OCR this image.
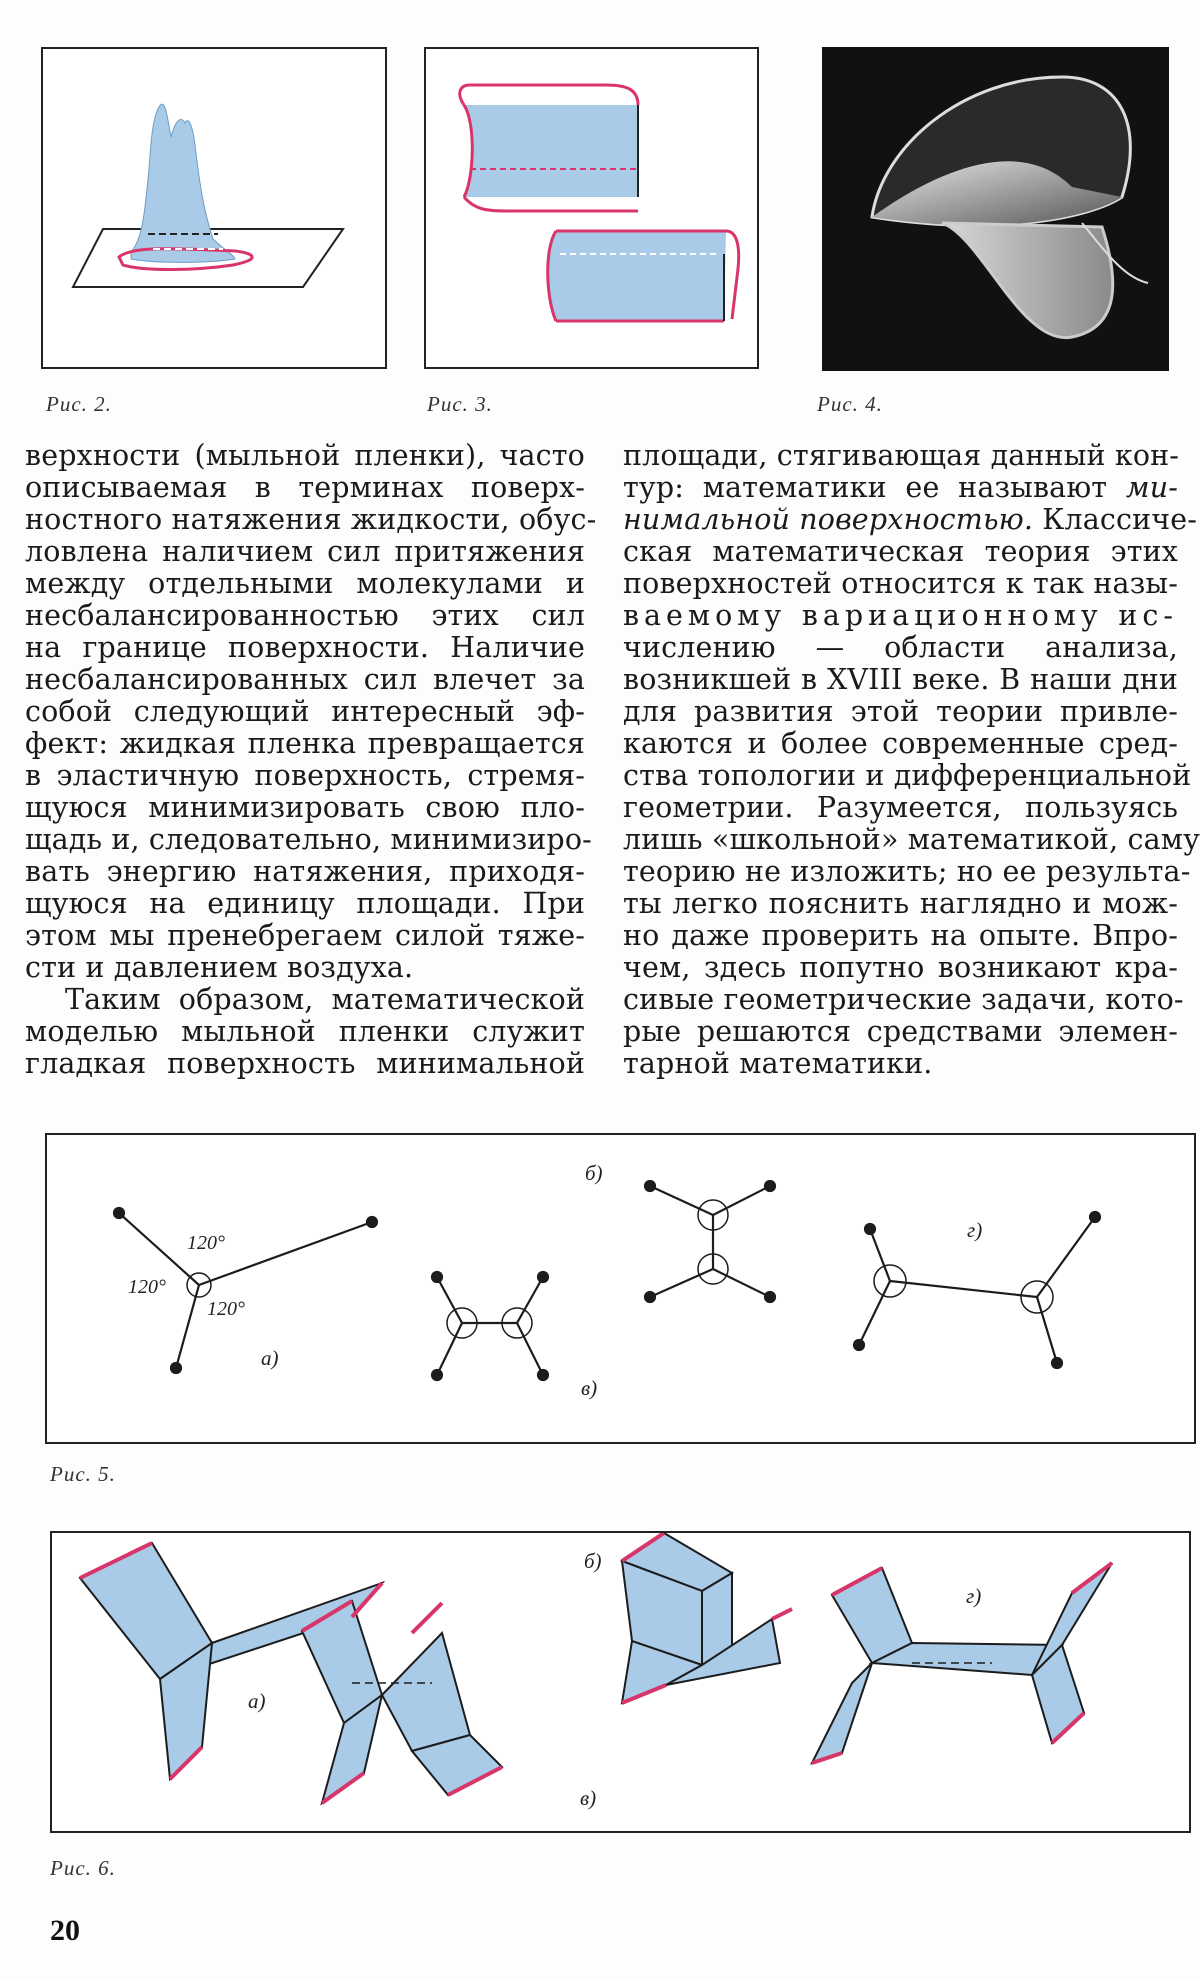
Рис. 2.	Рис. 3.	Рис. 4.
верхности (мыльной пленки), часто
описываемая в терминах поверх-
ностного натяжения жидкости, обус-
ловлена наличием сил притяжения
между отдельными молекулами и
несбалансированностью этих сил
на границе поверхности. Наличие
несбалансированных сил влечет за
собой следующий интересный эф-
фект: жидкая пленка превращается
в эластичную поверхность, стремя-
щуюся минимизировать свою пло-
щадь и, следовательно, минимизиро-
вать энергию натяжения, приходя-
щуюся на единицу площади. При
этом мы пренебрегаем силой тяже-
сти и давлением воздуха.
Таким образом, математической
моделью мыльной пленки служит
гладкая поверхность минимальной
площади, стягивающая данный кон-
тур: математики ее называют ми-
нимальной поверхностью. Классиче-
ская математическая теория этих
поверхностей относится к так назы-
ваемому вариационному ис-
числению — области анализа,
возникшей в XVIII веке. В наши дни
для развития этой теории привле-
каются и более современные сред-
ства топологии и дифференциальной
геометрии. Разумеется, пользуясь
лишь «школьной» математикой, саму
теорию не изложить; но ее результа-
ты легко пояснить наглядно и мож-
но даже проверить на опыте. Впро-
чем, здесь попутно возникают кра-
сивые геометрические задачи, кото-
рые решаются средствами элемен-
тарной математики.
120°
120°
120°
а)
б)
в)
г)
Рис. 5.
а)
б)
в)
г)
Рис. 6.
20
